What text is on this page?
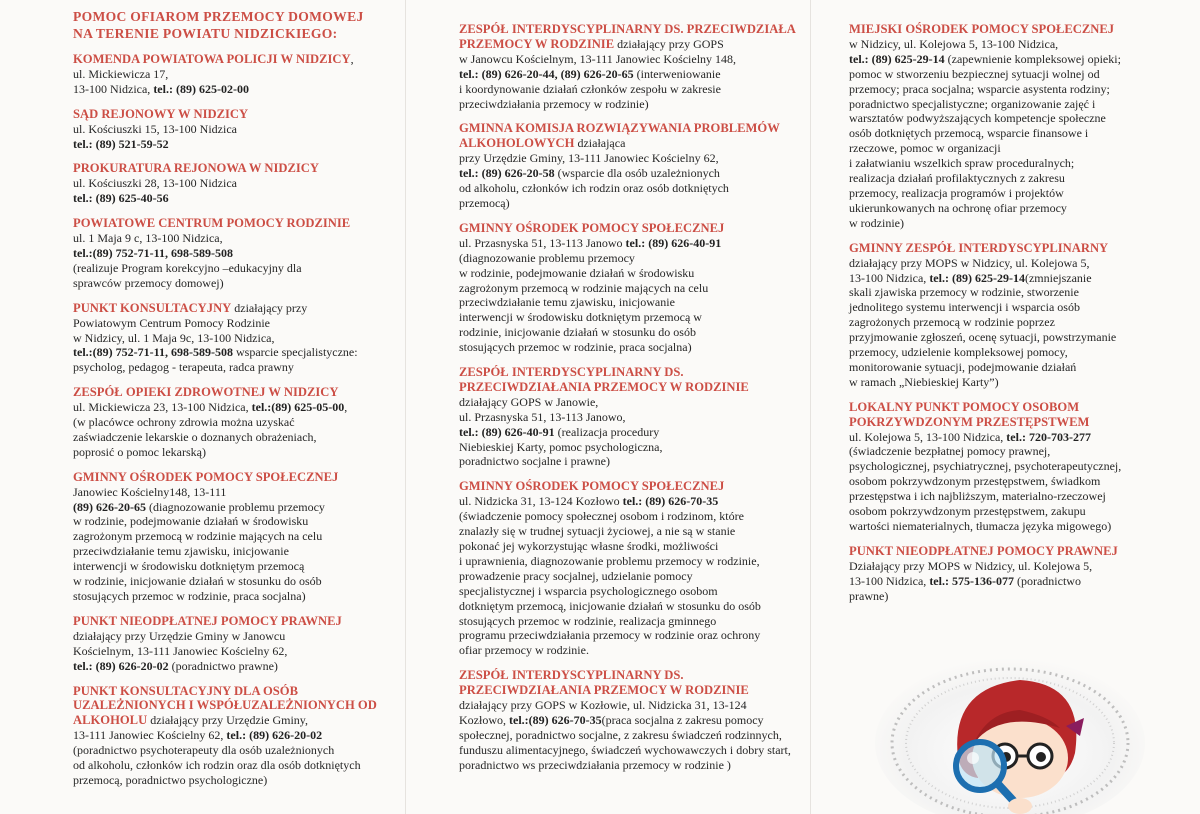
POMOC OFIAROM PRZEMOCY DOMOWEJ
NA TERENIE POWIATU NIDZICKIEGO:
KOMENDA POWIATOWA POLICJI W NIDZICY,
ul. Mickiewicza 17,
13-100 Nidzica, tel.: (89) 625-02-00
SĄD REJONOWY W NIDZICY
ul. Kościuszki 15, 13-100 Nidzica
tel.: (89) 521-59-52
PROKURATURA REJONOWA W NIDZICY
ul. Kościuszki 28, 13-100 Nidzica
tel.: (89) 625-40-56
POWIATOWE CENTRUM POMOCY RODZINIE
ul. 1 Maja 9 c, 13-100 Nidzica,
tel.:(89) 752-71-11, 698-589-508
(realizuje Program korekcyjno –edukacyjny dla
sprawców przemocy domowej)
PUNKT KONSULTACYJNY działający przy
Powiatowym Centrum Pomocy Rodzinie
w Nidzicy, ul. 1 Maja 9c, 13-100 Nidzica,
tel.:(89) 752-71-11, 698-589-508 wsparcie specjalistyczne:
psycholog, pedagog - terapeuta, radca prawny
ZESPÓŁ OPIEKI ZDROWOTNEJ W NIDZICY
ul. Mickiewicza 23, 13-100 Nidzica, tel.:(89) 625-05-00,
(w placówce ochrony zdrowia można uzyskać
zaświadczenie lekarskie o doznanych obrażeniach,
poprosić o pomoc lekarską)
GMINNY OŚRODEK POMOCY SPOŁECZNEJ
Janowiec Kościelny148, 13-111
(89) 626-20-65 (diagnozowanie problemu przemocy
w rodzinie, podejmowanie działań w środowisku
zagrożonym przemocą w rodzinie mających na celu
przeciwdziałanie temu zjawisku, inicjowanie
interwencji w środowisku dotkniętym przemocą
w rodzinie, inicjowanie działań w stosunku do osób
stosujących przemoc w rodzinie, praca socjalna)
PUNKT NIEODPŁATNEJ POMOCY PRAWNEJ działający przy Urzędzie Gminy w Janowcu
Kościelnym, 13-111 Janowiec Kościelny 62,
tel.: (89) 626-20-02 (poradnictwo prawne)
PUNKT KONSULTACYJNY DLA OSÓB UZALEŻNIONYCH I WSPÓŁUZALEŻNIONYCH OD ALKOHOLU działający przy Urzędzie Gminy,
13-111 Janowiec Kościelny 62, tel.: (89) 626-20-02
(poradnictwo psychoterapeuty dla osób uzależnionych
od alkoholu, członków ich rodzin oraz dla osób dotkniętych
przemocą, poradnictwo psychologiczne)
ZESPÓŁ INTERDYSCYPLINARNY DS. PRZECIWDZIAŁA PRZEMOCY W RODZINIE działający przy GOPS
w Janowcu Kościelnym, 13-111 Janowiec Kościelny 148,
tel.: (89) 626-20-44, (89) 626-20-65 (interweniowanie
i koordynowanie działań członków zespołu w zakresie
przeciwdziałania przemocy w rodzinie)
GMINNA KOMISJA ROZWIĄZYWANIA PROBLEMÓW ALKOHOLOWYCH działająca
przy Urzędzie Gminy, 13-111 Janowiec Kościelny 62,
tel.: (89) 626-20-58 (wsparcie dla osób uzależnionych
od alkoholu, członków ich rodzin oraz osób dotkniętych
przemocą)
GMINNY OŚRODEK POMOCY SPOŁECZNEJ
ul. Przasnyska 51, 13-113 Janowo tel.: (89) 626-40-91
(diagnozowanie problemu przemocy
w rodzinie, podejmowanie działań w środowisku
zagrożonym przemocą w rodzinie mających na celu
przeciwdziałanie temu zjawisku, inicjowanie
interwencji w środowisku dotkniętym przemocą w
rodzinie, inicjowanie działań w stosunku do osób
stosujących przemoc w rodzinie, praca socjalna)
ZESPÓŁ INTERDYSCYPLINARNY DS. PRZECIWDZIAŁANIA PRZEMOCY W RODZINIE działający GOPS w Janowie,
ul. Przasnyska 51, 13-113 Janowo,
tel.: (89) 626-40-91 (realizacja procedury
Niebieskiej Karty, pomoc psychologiczna,
poradnictwo socjalne i prawne)
GMINNY OŚRODEK POMOCY SPOŁECZNEJ
ul. Nidzicka 31, 13-124 Kozłowo tel.: (89) 626-70-35
(świadczenie pomocy społecznej osobom i rodzinom, które
znalazły się w trudnej sytuacji życiowej, a nie są w stanie
pokonać jej wykorzystując własne środki, możliwości
i uprawnienia, diagnozowanie problemu przemocy w rodzinie,
prowadzenie pracy socjalnej, udzielanie pomocy
specjalistycznej i wsparcia psychologicznego osobom
dotkniętym przemocą, inicjowanie działań w stosunku do osób
stosujących przemoc w rodzinie, realizacja gminnego
programu przeciwdziałania przemocy w rodzinie oraz ochrony
ofiar przemocy w rodzinie.
ZESPÓŁ INTERDYSCYPLINARNY DS. PRZECIWDZIAŁANIA PRZEMOCY W RODZINIE
działający przy GOPS w Kozłowie, ul. Nidzicka 31, 13-124
Kozłowo, tel.:(89) 626-70-35(praca socjalna z zakresu pomocy
społecznej, poradnictwo socjalne, z zakresu świadczeń rodzinnych,
funduszu alimentacyjnego, świadczeń wychowawczych i dobry start,
poradnictwo ws przeciwdziałania przemocy w rodzinie )
MIEJSKI OŚRODEK POMOCY SPOŁECZNEJ
w Nidzicy, ul. Kolejowa 5, 13-100 Nidzica,
tel.: (89) 625-29-14 (zapewnienie kompleksowej opieki;
pomoc w stworzeniu bezpiecznej sytuacji wolnej od
przemocy; praca socjalna; wsparcie asystenta rodziny;
poradnictwo specjalistyczne; organizowanie zajęć i
warsztatów podwyższających kompetencje społeczne
osób dotkniętych przemocą, wsparcie finansowe i
rzeczowe, pomoc w organizacji
i załatwianiu wszelkich spraw proceduralnych;
realizacja działań profilaktycznych z zakresu
przemocy, realizacja programów i projektów
ukierunkowanych na ochronę ofiar przemocy
w rodzinie)
GMINNY ZESPÓŁ INTERDYSCYPLINARNY
działający przy MOPS w Nidzicy, ul. Kolejowa 5,
13-100 Nidzica, tel.: (89) 625-29-14(zmniejszanie
skali zjawiska przemocy w rodzinie, stworzenie
jednolitego systemu interwencji i wsparcia osób
zagrożonych przemocą w rodzinie poprzez
przyjmowanie zgłoszeń, ocenę sytuacji, powstrzymanie
przemocy, udzielenie kompleksowej pomocy,
monitorowanie sytuacji, podejmowanie działań
w ramach „Niebieskiej Karty”)
LOKALNY PUNKT POMOCY OSOBOM POKRZYWDZONYM PRZESTĘPSTWEM
ul. Kolejowa 5, 13-100 Nidzica, tel.: 720-703-277
(świadczenie bezpłatnej pomocy prawnej,
psychologicznej, psychiatrycznej, psychoterapeutycznej,
osobom pokrzywdzonym przestępstwem, świadkom
przestępstwa i ich najbliższym, materialno-rzeczowej
osobom pokrzywdzonym przestępstwem, zakupu
wartości niematerialnych, tłumacza języka migowego)
PUNKT NIEODPŁATNEJ POMOCY PRAWNEJ
Działający przy MOPS w Nidzicy, ul. Kolejowa 5,
13-100 Nidzica, tel.: 575-136-077 (poradnictwo
prawne)
